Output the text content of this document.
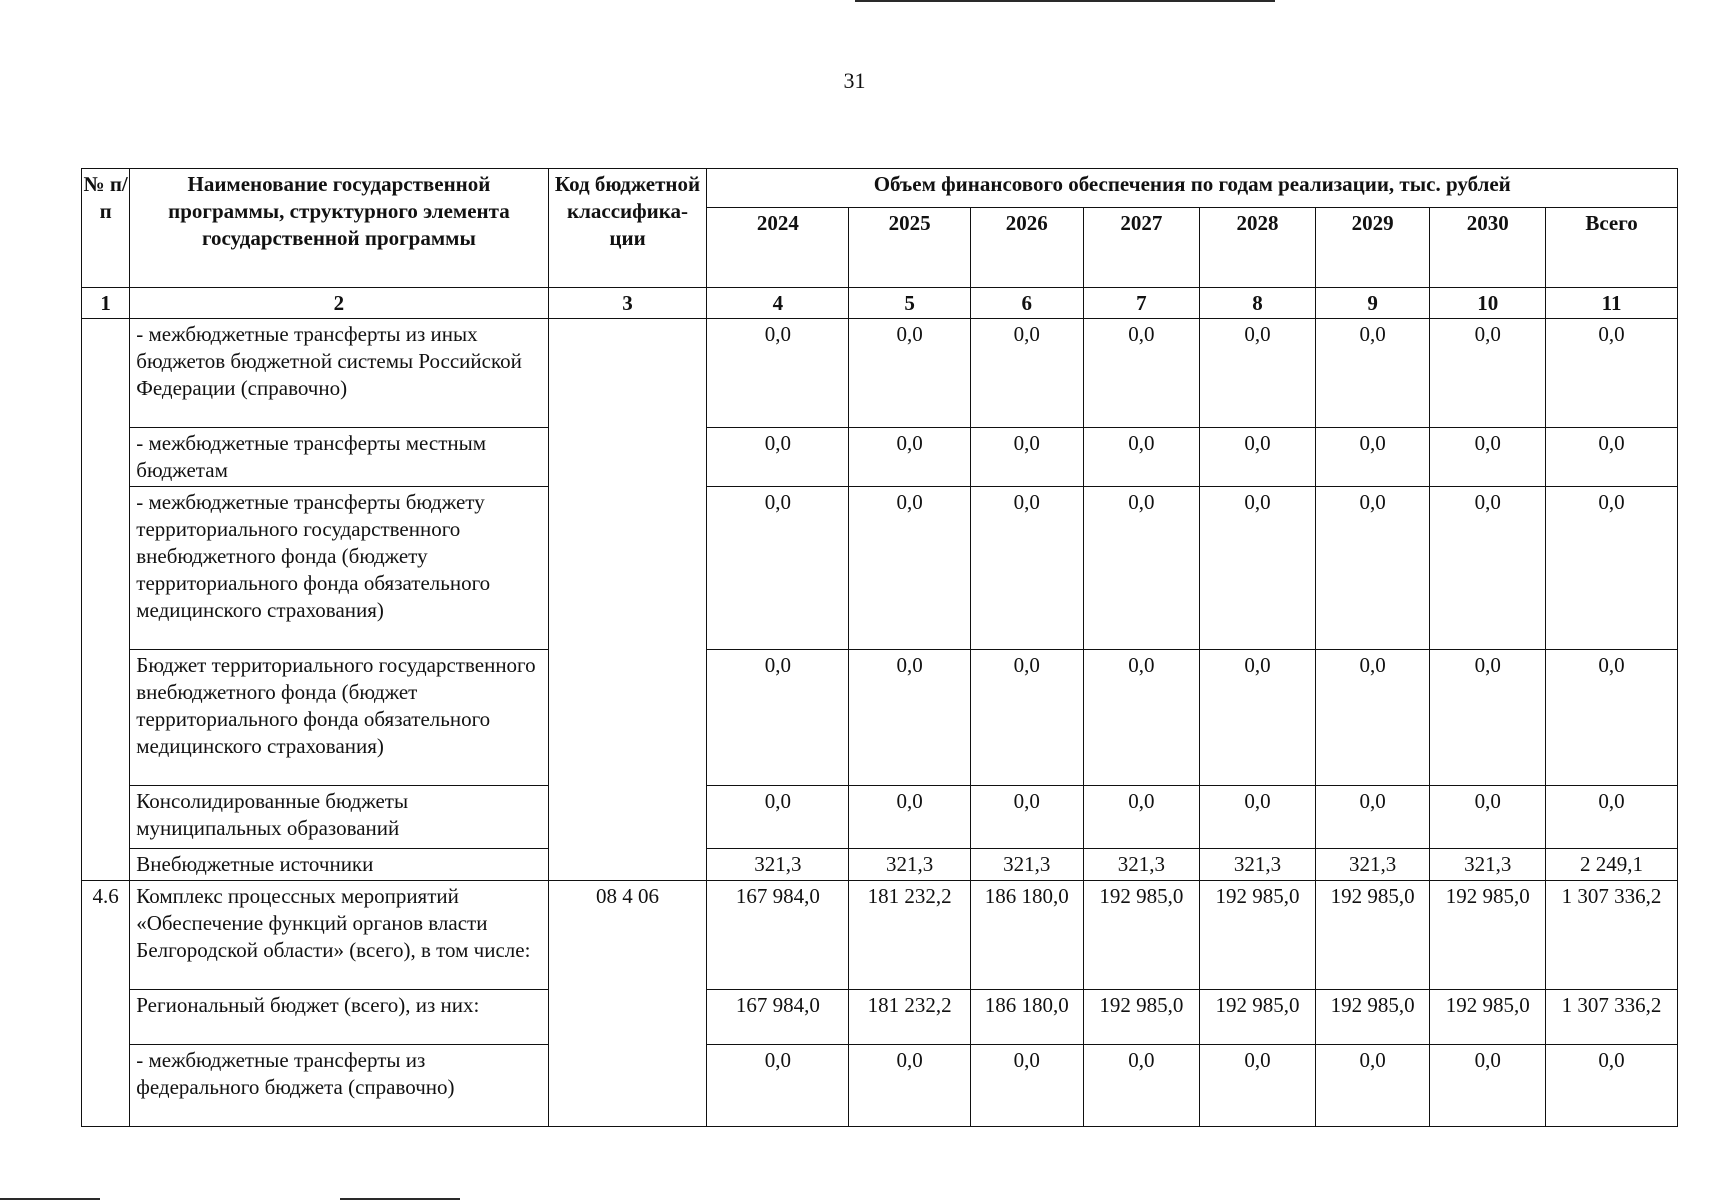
31
№ п/п	Наименование государственной программы, структурного элемента государственной программы	Код бюджетной классифика-ции	Объем финансового обеспечения по годам реализации, тыс. рублей							
			2024	2025	2026	2027	2028	2029	2030	Всего
1	2	3	4	5	6	7	8	9	10	11
	- межбюджетные трансферты из иных бюджетов бюджетной системы Российской Федерации (справочно)		0,0	0,0	0,0	0,0	0,0	0,0	0,0	0,0
	- межбюджетные трансферты местным бюджетам		0,0	0,0	0,0	0,0	0,0	0,0	0,0	0,0
	- межбюджетные трансферты бюджету территориального государственного внебюджетного фонда (бюджету территориального фонда обязательного медицинского страхования)		0,0	0,0	0,0	0,0	0,0	0,0	0,0	0,0
	Бюджет территориального государственного внебюджетного фонда (бюджет территориального фонда обязательного медицинского страхования)		0,0	0,0	0,0	0,0	0,0	0,0	0,0	0,0
	Консолидированные бюджеты муниципальных образований		0,0	0,0	0,0	0,0	0,0	0,0	0,0	0,0
	Внебюджетные источники		321,3	321,3	321,3	321,3	321,3	321,3	321,3	2 249,1
4.6	Комплекс процессных мероприятий «Обеспечение функций органов власти Белгородской области» (всего), в том числе:	08 4 06	167 984,0	181 232,2	186 180,0	192 985,0	192 985,0	192 985,0	192 985,0	1 307 336,2
	Региональный бюджет (всего), из них:		167 984,0	181 232,2	186 180,0	192 985,0	192 985,0	192 985,0	192 985,0	1 307 336,2
	- межбюджетные трансферты из федерального бюджета (справочно)		0,0	0,0	0,0	0,0	0,0	0,0	0,0	0,0
